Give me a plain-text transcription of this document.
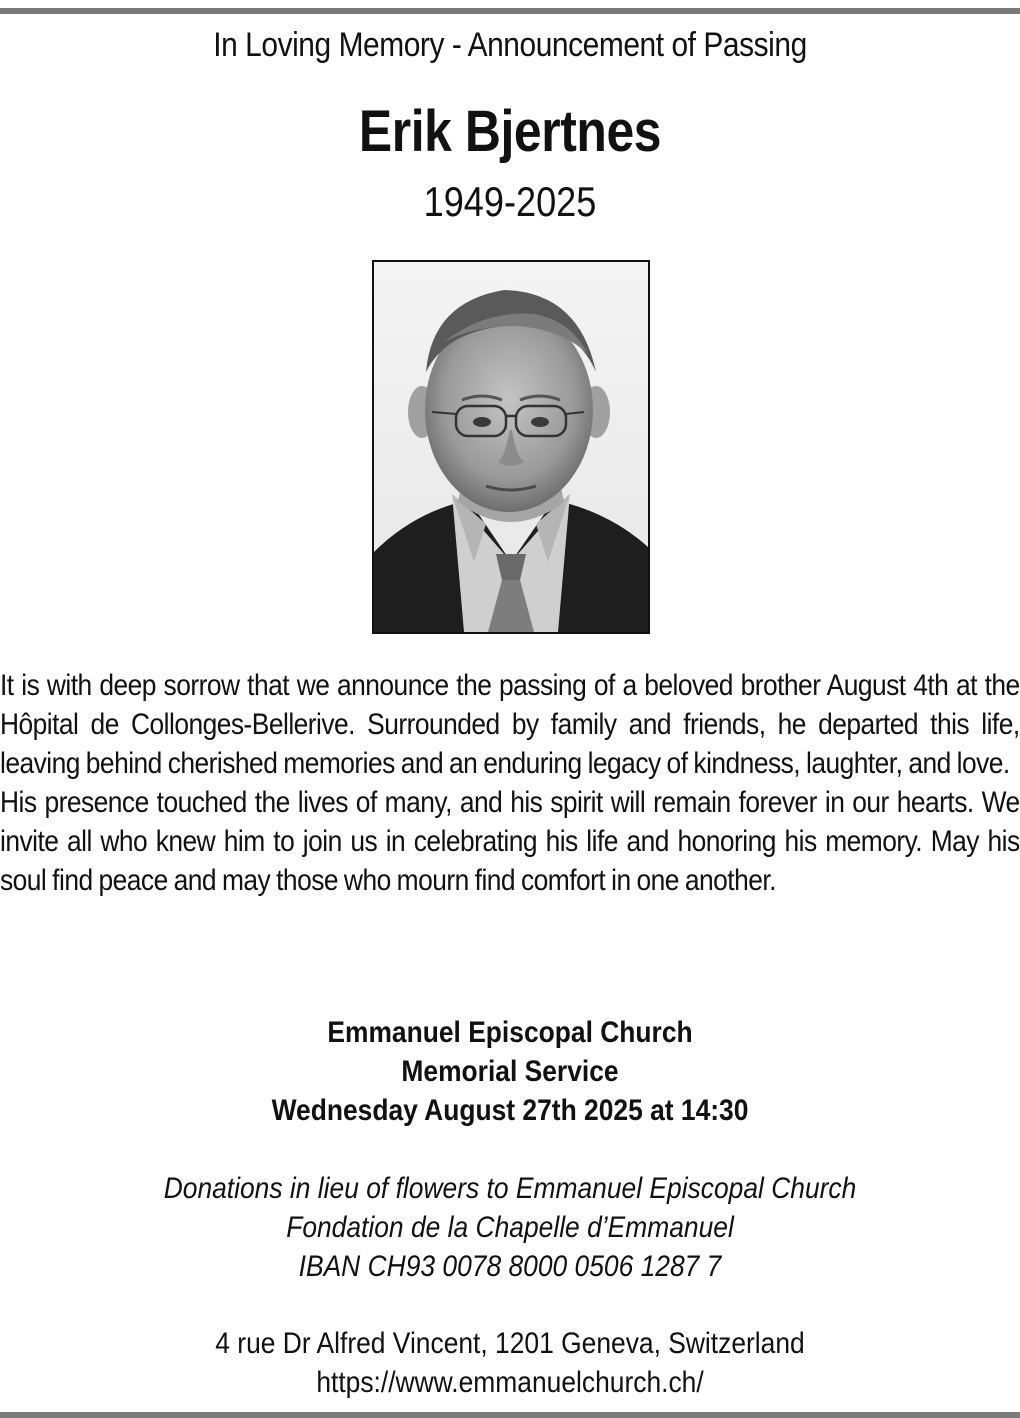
In Loving Memory - Announcement of Passing
Erik Bjertnes
1949-2025

It is with deep sorrow that we announce the passing of a beloved brother August 4th at the Hôpital de Collonges-Bellerive. Surrounded by family and friends, he departed this life, leaving behind cherished memories and an enduring legacy of kindness, laughter, and love.

His presence touched the lives of many, and his spirit will remain forever in our hearts. We invite all who knew him to join us in celebrating his life and honoring his memory. May his soul find peace and may those who mourn find comfort in one another.

Emmanuel Episcopal Church
Memorial Service
Wednesday August 27th 2025 at 14:30
Donations in lieu of flowers to Emmanuel Episcopal Church
Fondation de la Chapelle d’Emmanuel
IBAN CH93 0078 8000 0506 1287 7
4 rue Dr Alfred Vincent, 1201 Geneva, Switzerland
https://www.emmanuelchurch.ch/
